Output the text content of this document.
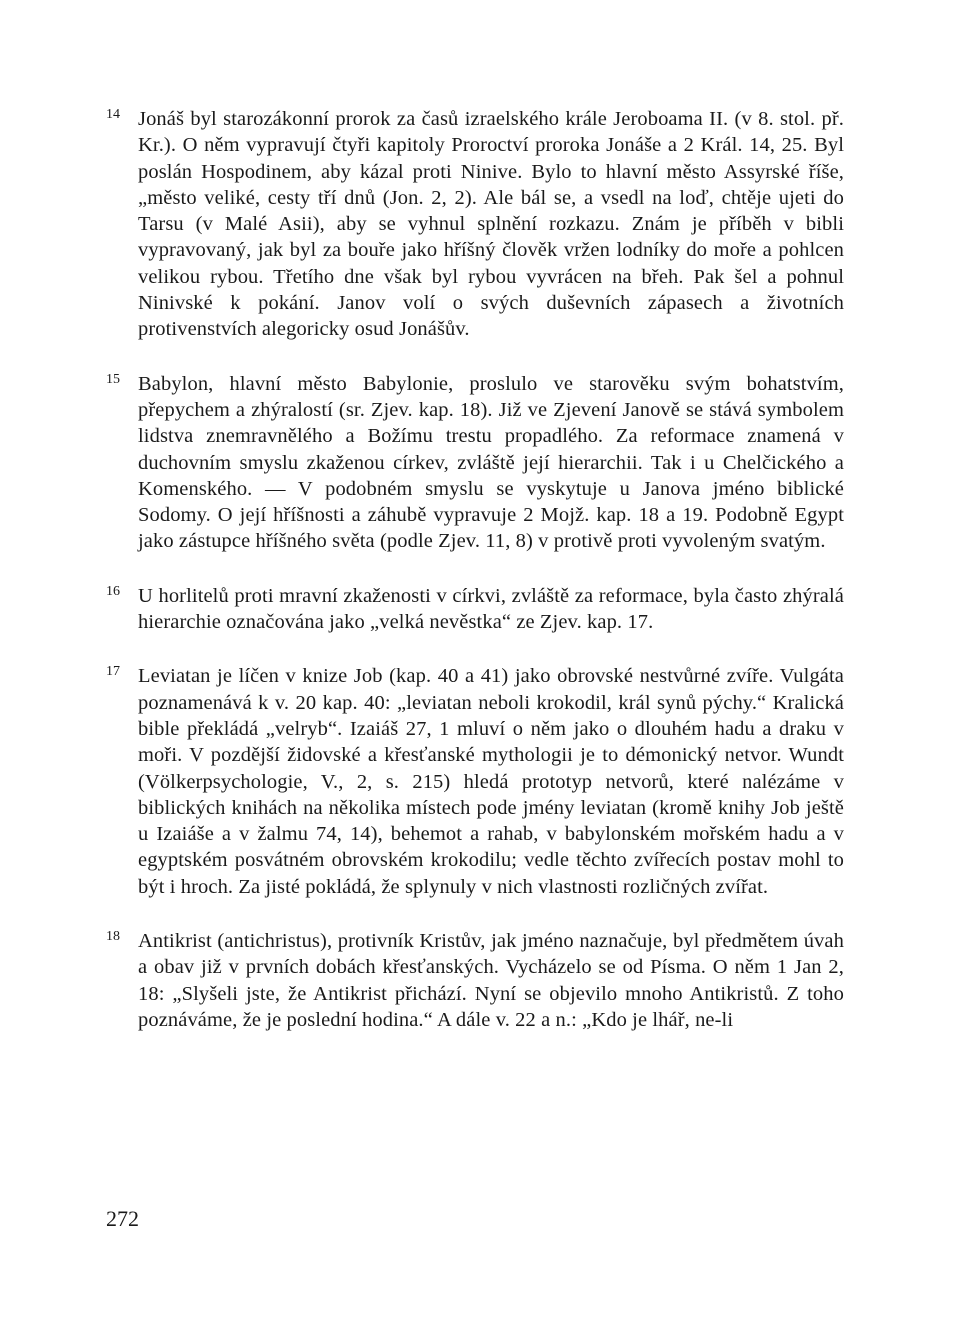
14 Jonáš byl starozákonní prorok za časů izraelského krále Jeroboama II. (v 8. stol. př. Kr.). O něm vypravují čtyři kapitoly Proroctví proroka Jonáše a 2 Král. 14, 25. Byl poslán Hospodinem, aby kázal proti Ninive. Bylo to hlavní město Assyrské říše, „město veliké, cesty tří dnů (Jon. 2, 2). Ale bál se, a vsedl na loď, chtěje ujeti do Tarsu (v Malé Asii), aby se vyhnul splnění rozkazu. Znám je příběh v bibli vypravovaný, jak byl za bouře jako hříšný člověk vržen lodníky do moře a pohlcen velikou rybou. Třetího dne však byl rybou vyvrácen na břeh. Pak šel a pohnul Ninivské k pokání. Janov volí o svých duševních zápasech a životních protivenstvích alegoricky osud Jonášův.
15 Babylon, hlavní město Babylonie, proslulo ve starověku svým bohatstvím, přepychem a zhýralostí (sr. Zjev. kap. 18). Již ve Zjevení Janově se stává symbolem lidstva znemravnělého a Božímu trestu propadlého. Za reformace znamená v duchovním smyslu zkaženou církev, zvláště její hierarchii. Tak i u Chelčického a Komenského. — V podobném smyslu se vyskytuje u Janova jméno biblické Sodomy. O její hříšnosti a záhubě vypravuje 2 Mojž. kap. 18 a 19. Podobně Egypt jako zástupce hříšného světa (podle Zjev. 11, 8) v protivě proti vyvoleným svatým.
16 U horlitelů proti mravní zkaženosti v církvi, zvláště za reformace, byla často zhýralá hierarchie označována jako „velká nevěstka“ ze Zjev. kap. 17.
17 Leviatan je líčen v knize Job (kap. 40 a 41) jako obrovské nestvůrné zvíře. Vulgáta poznamenává k v. 20 kap. 40: „leviatan neboli krokodil, král synů pýchy.“ Kralická bible překládá „velryb“. Izaiáš 27, 1 mluví o něm jako o dlouhém hadu a draku v moři. V pozdější židovské a křesťanské mythologii je to démonický netvor. Wundt (Völkerpsychologie, V., 2, s. 215) hledá prototyp netvorů, které nalézáme v biblických knihách na několika místech pode jmény leviatan (kromě knihy Job ještě u Izaiáše a v žalmu 74, 14), behemot a rahab, v babylonském mořském hadu a v egyptském posvátném obrovském krokodilu; vedle těchto zvířecích postav mohl to být i hroch. Za jisté pokládá, že splynuly v nich vlastnosti rozličných zvířat.
18 Antikrist (antichristus), protivník Kristův, jak jméno naznačuje, byl předmětem úvah a obav již v prvních dobách křesťanských. Vycházelo se od Písma. O něm 1 Jan 2, 18: „Slyšeli jste, že Antikrist přichází. Nyní se objevilo mnoho Antikristů. Z toho poznáváme, že je poslední hodina.“ A dále v. 22 a n.: „Kdo je lhář, ne-li
272
